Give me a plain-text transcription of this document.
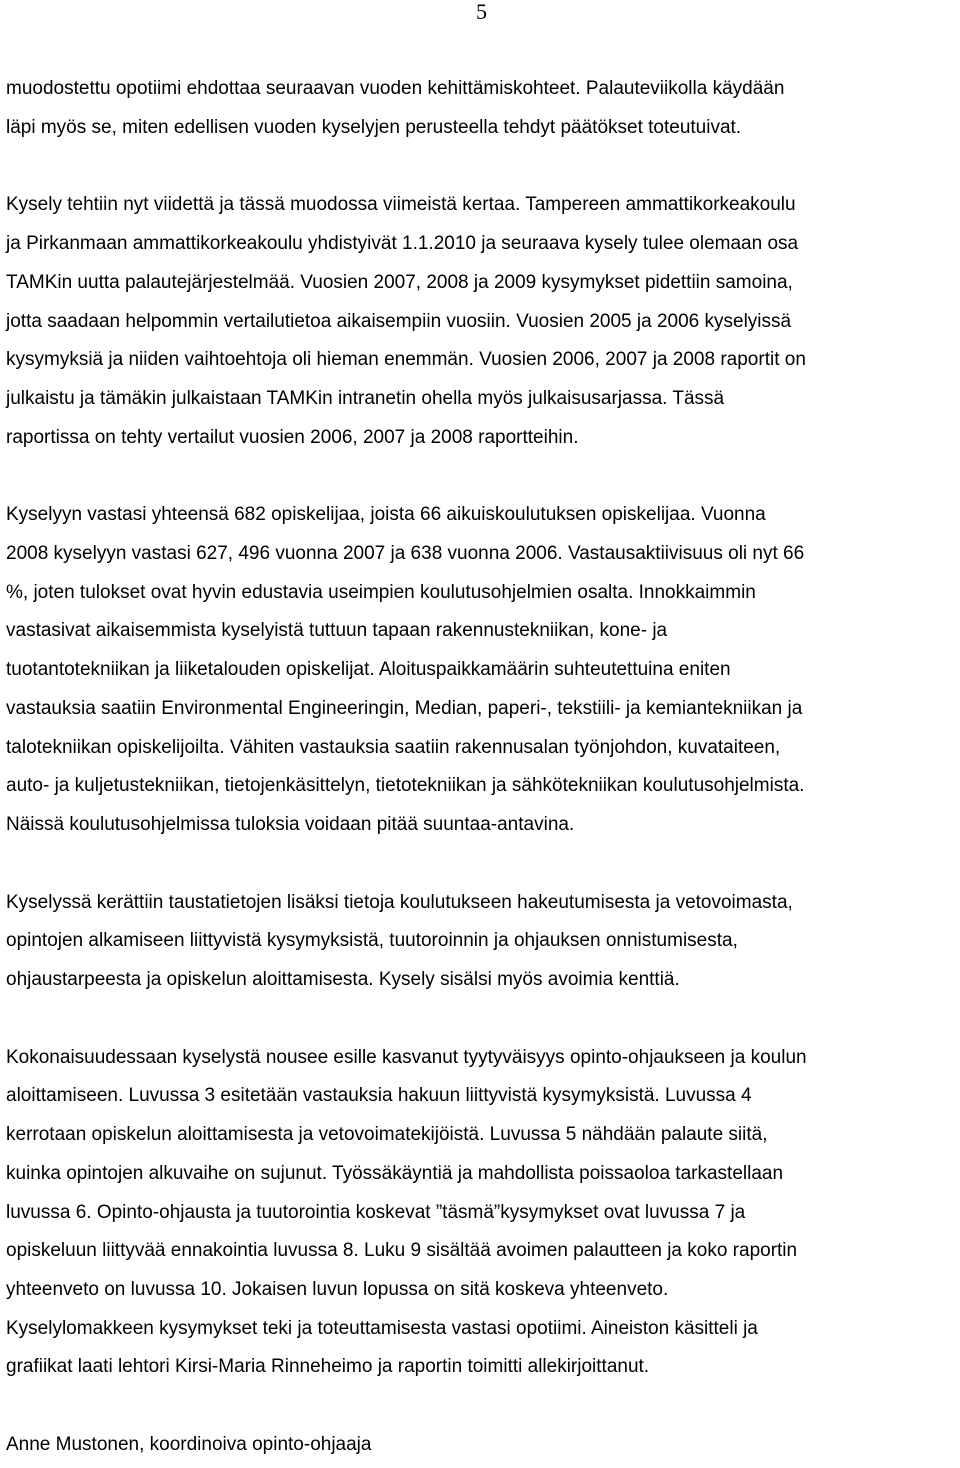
5

muodostettu opotiimi ehdottaa seuraavan vuoden kehittämiskohteet. Palauteviikolla käydään
läpi myös se, miten edellisen vuoden kyselyjen perusteella tehdyt päätökset toteutuivat.

Kysely tehtiin nyt viidettä ja tässä muodossa viimeistä kertaa. Tampereen ammattikorkeakoulu
ja Pirkanmaan ammattikorkeakoulu yhdistyivät 1.1.2010 ja seuraava kysely tulee olemaan osa
TAMKin uutta palautejärjestelmää. Vuosien 2007, 2008 ja 2009 kysymykset pidettiin samoina,
jotta saadaan helpommin vertailutietoa aikaisempiin vuosiin. Vuosien 2005 ja 2006 kyselyissä
kysymyksiä ja niiden vaihtoehtoja oli hieman enemmän. Vuosien 2006, 2007 ja 2008 raportit on
julkaistu ja tämäkin julkaistaan TAMKin intranetin ohella myös julkaisusarjassa. Tässä
raportissa on tehty vertailut vuosien 2006, 2007 ja 2008 raportteihin.

Kyselyyn vastasi yhteensä 682 opiskelijaa, joista 66 aikuiskoulutuksen opiskelijaa. Vuonna
2008 kyselyyn vastasi 627, 496 vuonna 2007 ja 638 vuonna 2006. Vastausaktiivisuus oli nyt 66
%, joten tulokset ovat hyvin edustavia useimpien koulutusohjelmien osalta. Innokkaimmin
vastasivat aikaisemmista kyselyistä tuttuun tapaan rakennustekniikan, kone- ja
tuotantotekniikan ja liiketalouden opiskelijat. Aloituspaikkamäärin suhteutettuina eniten
vastauksia saatiin Environmental Engineeringin, Median, paperi-, tekstiili- ja kemiantekniikan ja
talotekniikan opiskelijoilta. Vähiten vastauksia saatiin rakennusalan työnjohdon, kuvataiteen,
auto- ja kuljetustekniikan, tietojenkäsittelyn, tietotekniikan ja sähkötekniikan koulutusohjelmista.
Näissä koulutusohjelmissa tuloksia voidaan pitää suuntaa-antavina.

Kyselyssä kerättiin taustatietojen lisäksi tietoja koulutukseen hakeutumisesta ja vetovoimasta,
opintojen alkamiseen liittyvistä kysymyksistä, tuutoroinnin ja ohjauksen onnistumisesta,
ohjaustarpeesta ja opiskelun aloittamisesta. Kysely sisälsi myös avoimia kenttiä.

Kokonaisuudessaan kyselystä nousee esille kasvanut tyytyväisyys opinto-ohjaukseen ja koulun
aloittamiseen. Luvussa 3 esitetään vastauksia hakuun liittyvistä kysymyksistä. Luvussa 4
kerrotaan opiskelun aloittamisesta ja vetovoimatekijöistä. Luvussa 5 nähdään palaute siitä,
kuinka opintojen alkuvaihe on sujunut. Työssäkäyntiä ja mahdollista poissaoloa tarkastellaan
luvussa 6. Opinto-ohjausta ja tuutorointia koskevat ”täsmä”kysymykset ovat luvussa 7 ja
opiskeluun liittyvää ennakointia luvussa 8. Luku 9 sisältää avoimen palautteen ja koko raportin
yhteenveto on luvussa 10. Jokaisen luvun lopussa on sitä koskeva yhteenveto.
Kyselylomakkeen kysymykset teki ja toteuttamisesta vastasi opotiimi. Aineiston käsitteli ja
grafiikat laati lehtori Kirsi-Maria Rinneheimo ja raportin toimitti allekirjoittanut.

Anne Mustonen, koordinoiva opinto-ohjaaja
